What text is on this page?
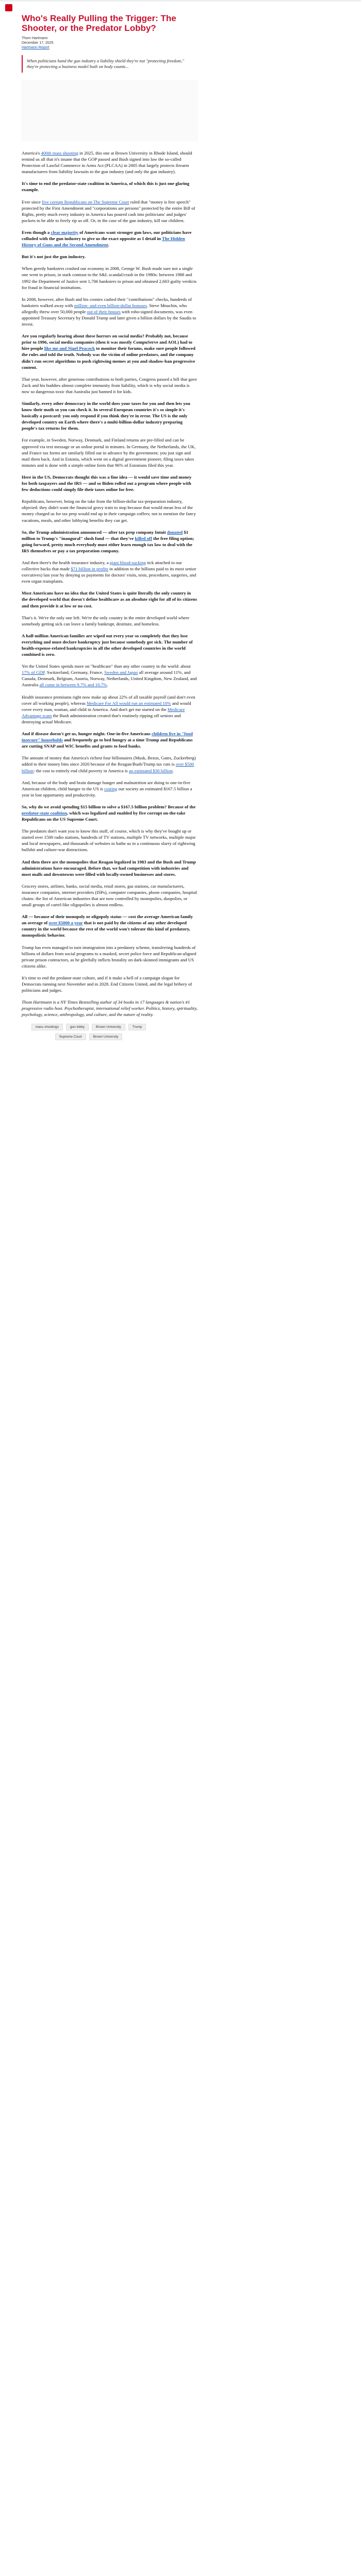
Who's Really Pulling the Trigger: The Shooter, or the Predator Lobby?
Thom Hartmann
December 17, 2025
Hartmann Report
When politicians hand the gun industry a liability shield they're not "protecting freedom," they're protecting a business model built on body counts...

America's 400th mass shooting in 2025, this one at Brown University in Rhode Island, should remind us all that it's insane that the GOP passed and Bush signed into law the so-called Protection of Lawful Commerce in Arms Act (PLCAA) in 2005 that largely protects firearm manufacturers from liability lawsuits to the gun industry (and only the gun industry).

It's time to end the predator-state coalition in America, of which this is just one glaring example.

Ever since five corrupt Republicans on The Supreme Court ruled that "money is free speech" protected by the First Amendment and "corporations are persons" protected by the entire Bill of Rights, pretty much every industry in America has poured cash into politicians' and judges' pockets to be able to freely rip us off. Or, in the case of the gun industry, kill our children.

Even though a clear majority of Americans want stronger gun laws, our politicians have colluded with the gun industry to give us the exact opposite as I detail in The Hidden History of Guns and the Second Amendment.

But it's not just the gun industry.

When greedy banksters crashed our economy in 2008, George W. Bush made sure not a single one went to prison, in stark contrast to the S&L scandal/crash in the 1980s: between 1988 and 1992 the Department of Justice sent 1,706 banksters to prison and obtained 2,603 guilty verdicts for fraud in financial institutions.

In 2008, however, after Bush and his cronies cashed their "contributions" checks, hundreds of banksters walked away with million- and even billion-dollar bonuses. Steve Mnuchin, who allegedly threw over 50,000 people out of their houses with robo-signed documents, was even appointed Treasury Secretary by Donald Trump and later given a billion dollars by the Saudis to invest.

Are you regularly hearing about these horrors on social media? Probably not, because prior to 1996, social media companies (then it was mostly CompuServe and AOL) had to hire people like me and Nigel Peacock to monitor their forums, make sure people followed the rules and told the truth. Nobody was the victim of online predators, and the company didn't run secret algorithms to push rightwing memes at you and shadow-ban progressive content.

That year, however, after generous contributions to both parties, Congress passed a bill that gave Zuck and his buddies almost complete immunity from liability, which is why social media is now so dangerous toxic that Australia just banned it for kids.

Similarly, every other democracy in the world does your taxes for you and then lets you know their math so you can check it. In several European countries it's so simple it's basically a postcard: you only respond if you think they're in error. The US is the only developed country on Earth where there's a multi-billion-dollar industry preparing people's tax returns for them.

For example, in Sweden, Norway, Denmark, and Finland returns are pre-filled and can be approved via text message or an online portal in minutes. In Germany, the Netherlands, the UK, and France tax forms are similarly filled out in advance by the government; you just sign and mail them back. And in Estonia, which went on a digital government pioneer, filing taxes takes minutes and is done with a simple online form that 96% of Estonians filed this year.

Here in the US, Democrats thought this was a fine idea — it would save time and money for both taxpayers and the IRS — and so Biden rolled out a program where people with few deductions could simply file their taxes online for free.

Republicans, however, being on the take from the billion-dollar tax-preparation industry, objected: they didn't want the financial gravy train to stop because that would mean less of the money charged us for tax prep would end up in their campaign coffers; not to mention the fancy vacations, meals, and other lobbying benefits they can get.

So, the Trump administration announced — after tax prep company Intuit donated $1 million to Trump's "inaugural" slush fund — that they've killed off the free filing option; going forward, pretty much everybody must either learn enough tax law to deal with the IRS themselves or pay a tax preparation company.

And then there's the health insurance industry, a giant blood-sucking tick attached to our collective backs that made $71 billion in profits in addition to the billions paid to its most senior executives) last year by denying us payments for doctors' visits, tests, procedures, surgeries, and even organ transplants.

Most Americans have no idea that the United States is quite literally the only country in the developed world that doesn't define healthcare as an absolute right for all of its citizens and then provide it at low or no cost.

That's it. We're the only one left. We're the only country in the entire developed world where somebody getting sick can leave a family bankrupt, destitute, and homeless.

A half-million American families are wiped out every year so completely that they lose everything and must declare bankruptcy just because somebody got sick. The number of health-expense-related bankruptcies in all the other developed countries in the world combined is zero.

Yet the United States spends more on "healthcare" than any other country in the world: about 17% of GDP. Switzerland, Germany, France, Sweden and Japan all average around 11%, and Canada, Denmark, Belgium, Austria, Norway, Netherlands, United Kingdom, New Zealand, and Australia all come in between 9.7% and 10.7%.

Health insurance premiums right now make up about 22% of all taxable payroll (and don't even cover all working people), whereas Medicare For All would run an estimated 10% and would cover every man, woman, and child in America. And don't get me started on the Medicare Advantage scam the Bush administration created that's routinely ripping off seniors and destroying actual Medicare.

And if disease doesn't get us, hunger might. One-in-five Americans children live in "food insecure" households and frequently go to bed hungry at a time Trump and Republicans are cutting SNAP and WIC benefits and grants to food banks.

The amount of money that America's richest four billionaires (Musk, Bezos, Gates, Zuckerberg) added to their money bins since 2020 because of the Reagan/Bush/Trump tax cuts is over $500 billion: the cost to entirely end child poverty in America is an estimated $30 billion.

And, because of the body and brain damage hunger and malnutrition are doing to one-in-five American children, child hunger in the US is costing our society an estimated $167.5 billion a year in lost opportunity and productivity.

So, why do we avoid spending $15 billion to solve a $167.5 billion problem? Because of the predator-state coalition, which was legalized and enabled by five corrupt on-the-take Republicans on the US Supreme Court.

The predators don't want you to know this stuff, of course, which is why they've bought up or started over 1500 radio stations, hundreds of TV stations, multiple TV networks, multiple major and local newspapers, and thousands of websites to bathe us in a continuous slurry of rightwing bullshit and culture-war distractions.

And then there are the monopolies that Reagan legalized in 1983 and the Bush and Trump administrations have encouraged. Before that, we had competition with industries and most malls and downtowns were filled with locally-owned businesses and stores.

Grocery stores, airlines, banks, social media, retail stores, gas stations, car manufacturers, insurance companies, internet providers (ISPs), computer companies, phone companies, hospital chains: the list of American industries that are now controlled by monopolies, duopolies, or small groups of cartel-like oligopolies is almost endless.

All — because of their monopoly or oligopoly status — cost the average American family an average of over $5000 a year that is not paid by the citizens of any other developed country in the world because the rest of the world won't tolerate this kind of predatory, monopolistic behavior.

Trump has even managed to turn immigration into a predatory scheme, transferring hundreds of billions of dollars from social programs to a masked, secret police force and Republican-aligned private prison contractors, as he gleefully inflicts brutality on dark-skinned immigrants and US citizens alike.

It's time to end the predator-state culture, and if it make a hell of a campaign slogan for Democrats running next November and in 2028. End Citizens United, and the legal bribery of politicians and judges.

Thom Hartmann is a NY Times Bestselling author of 34 books in 17 languages & nation's #1 progressive radio host. Psychotherapist, international relief worker. Politics, history, spirituality, psychology, science, anthropology, and culture, and the nature of reality.

mass shootings	gun lobby	Brown University	Trump
Supreme Court	Brown University
